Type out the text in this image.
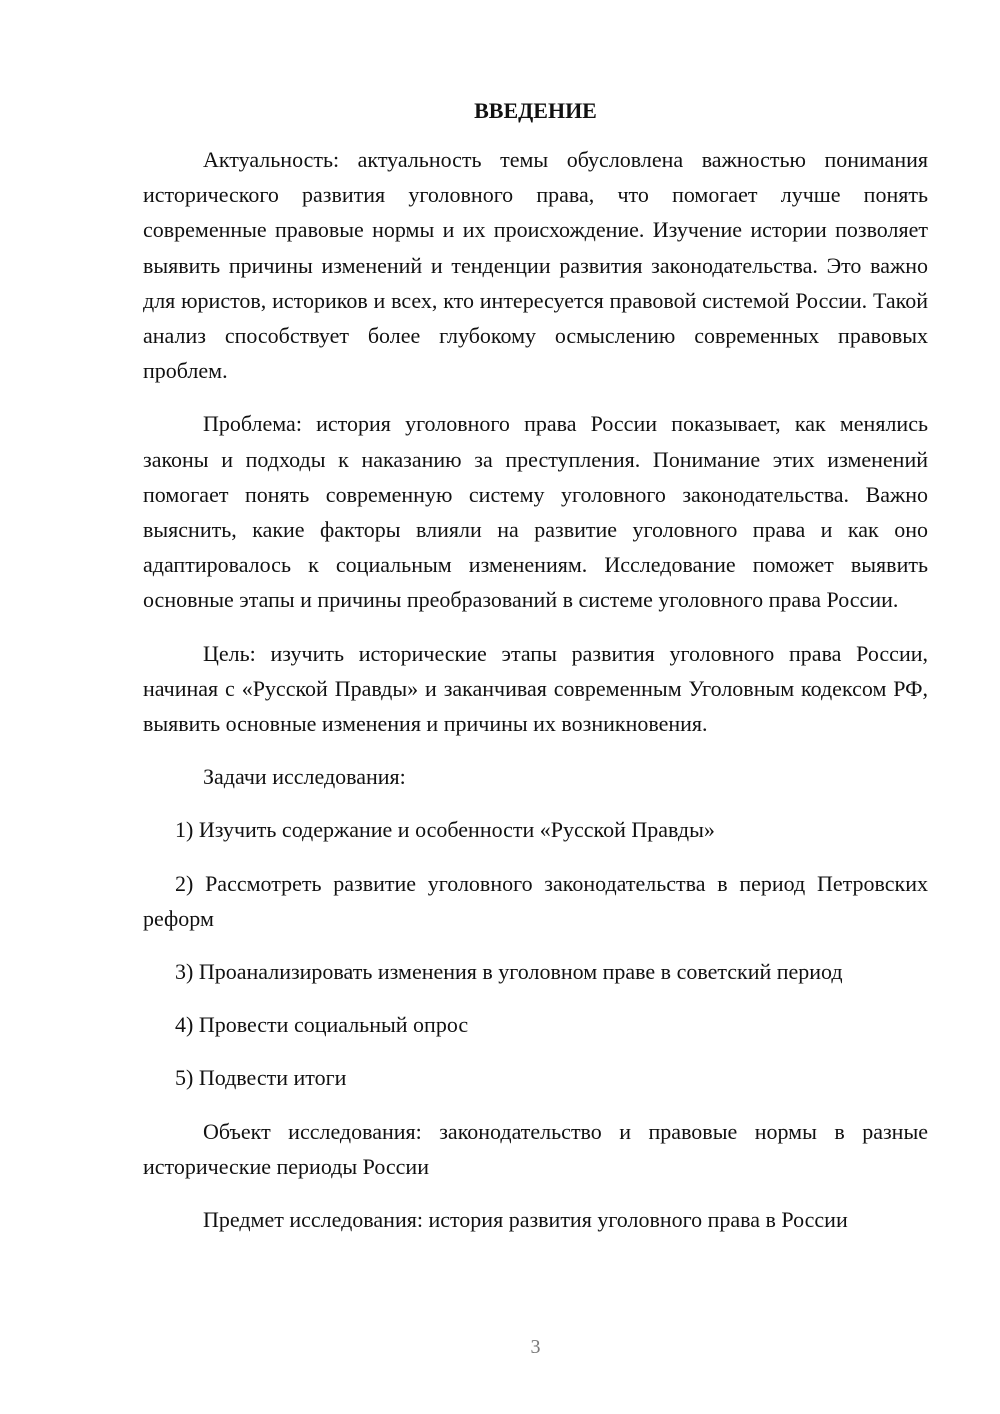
ВВЕДЕНИЕ

Актуальность: актуальность темы обусловлена важностью понимания исторического развития уголовного права, что помогает лучше понять современные правовые нормы и их происхождение. Изучение истории позволяет выявить причины изменений и тенденции развития законодательства. Это важно для юристов, историков и всех, кто интересуется правовой системой России. Такой анализ способствует более глубокому осмыслению современных правовых проблем.

Проблема: история уголовного права России показывает, как менялись законы и подходы к наказанию за преступления. Понимание этих изменений помогает понять современную систему уголовного законодательства. Важно выяснить, какие факторы влияли на развитие уголовного права и как оно адаптировалось к социальным изменениям. Исследование поможет выявить основные этапы и причины преобразований в системе уголовного права России.

Цель: изучить исторические этапы развития уголовного права России, начиная с «Русской Правды» и заканчивая современным Уголовным кодексом РФ, выявить основные изменения и причины их возникновения.

Задачи исследования:

1) Изучить содержание и особенности «Русской Правды»

2) Рассмотреть развитие уголовного законодательства в период Петровских реформ

3) Проанализировать изменения в уголовном праве в советский период

4) Провести социальный опрос

5) Подвести итоги

Объект исследования: законодательство и правовые нормы в разные исторические периоды России

Предмет исследования: история развития уголовного права в России

3
